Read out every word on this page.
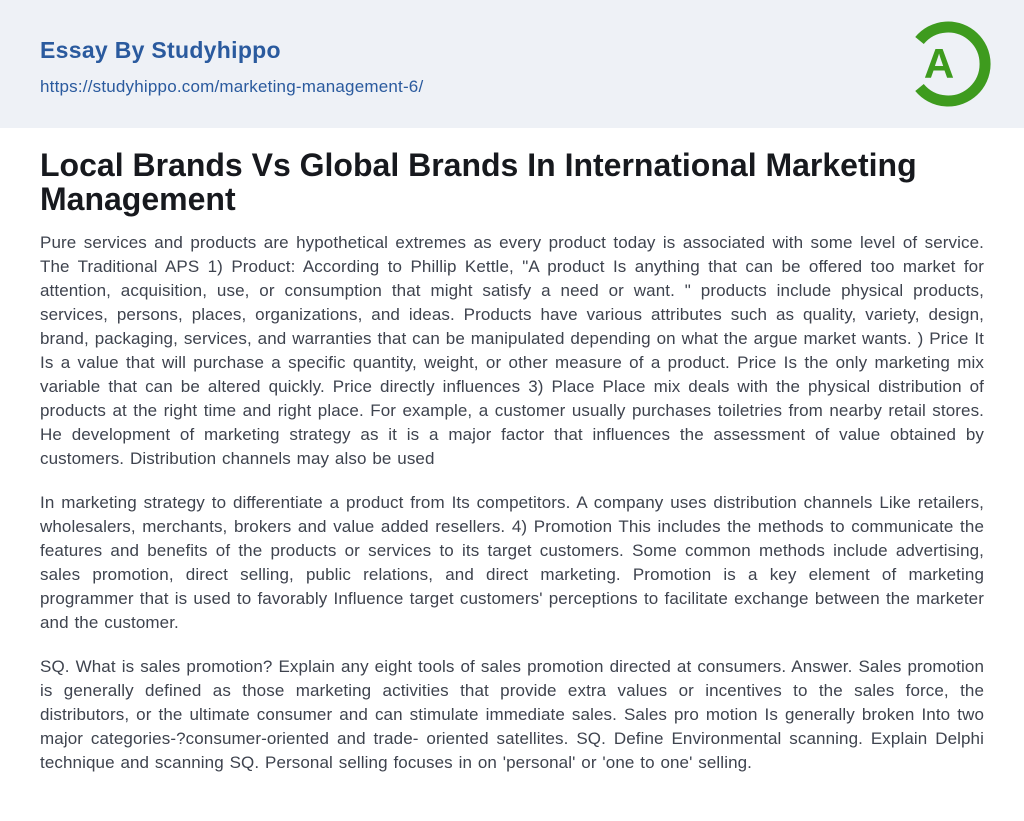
Essay By Studyhippo
https://studyhippo.com/marketing-management-6/	A
Local Brands Vs Global Brands In International Marketing Management

Pure services and products are hypothetical extremes as every product today is associated with some level of service. The Traditional APS 1) Product: According to Phillip Kettle, "A product Is anything that can be offered too market for attention, acquisition, use, or consumption that might satisfy a need or want. " products include physical products, services, persons, places, organizations, and ideas. Products have various attributes such as quality, variety, design, brand, packaging, services, and warranties that can be manipulated depending on what the argue market wants. ) Price It Is a value that will purchase a specific quantity, weight, or other measure of a product. Price Is the only marketing mix variable that can be altered quickly. Price directly influences 3) Place Place mix deals with the physical distribution of products at the right time and right place. For example, a customer usually purchases toiletries from nearby retail stores. He development of marketing strategy as it is a major factor that influences the assessment of value obtained by customers. Distribution channels may also be used

In marketing strategy to differentiate a product from Its competitors. A company uses distribution channels Like retailers, wholesalers, merchants, brokers and value added resellers. 4) Promotion This includes the methods to communicate the features and benefits of the products or services to its target customers. Some common methods include advertising, sales promotion, direct selling, public relations, and direct marketing. Promotion is a key element of marketing programmer that is used to favorably Influence target customers' perceptions to facilitate exchange between the marketer and the customer.

SQ. What is sales promotion? Explain any eight tools of sales promotion directed at consumers. Answer. Sales promotion is generally defined as those marketing activities that provide extra values or incentives to the sales force, the distributors, or the ultimate consumer and can stimulate immediate sales. Sales pro motion Is generally broken Into two major categories-?consumer-oriented and trade- oriented satellites. SQ. Define Environmental scanning. Explain Delphi technique and scanning SQ. Personal selling focuses in on 'personal' or 'one to one' selling.
